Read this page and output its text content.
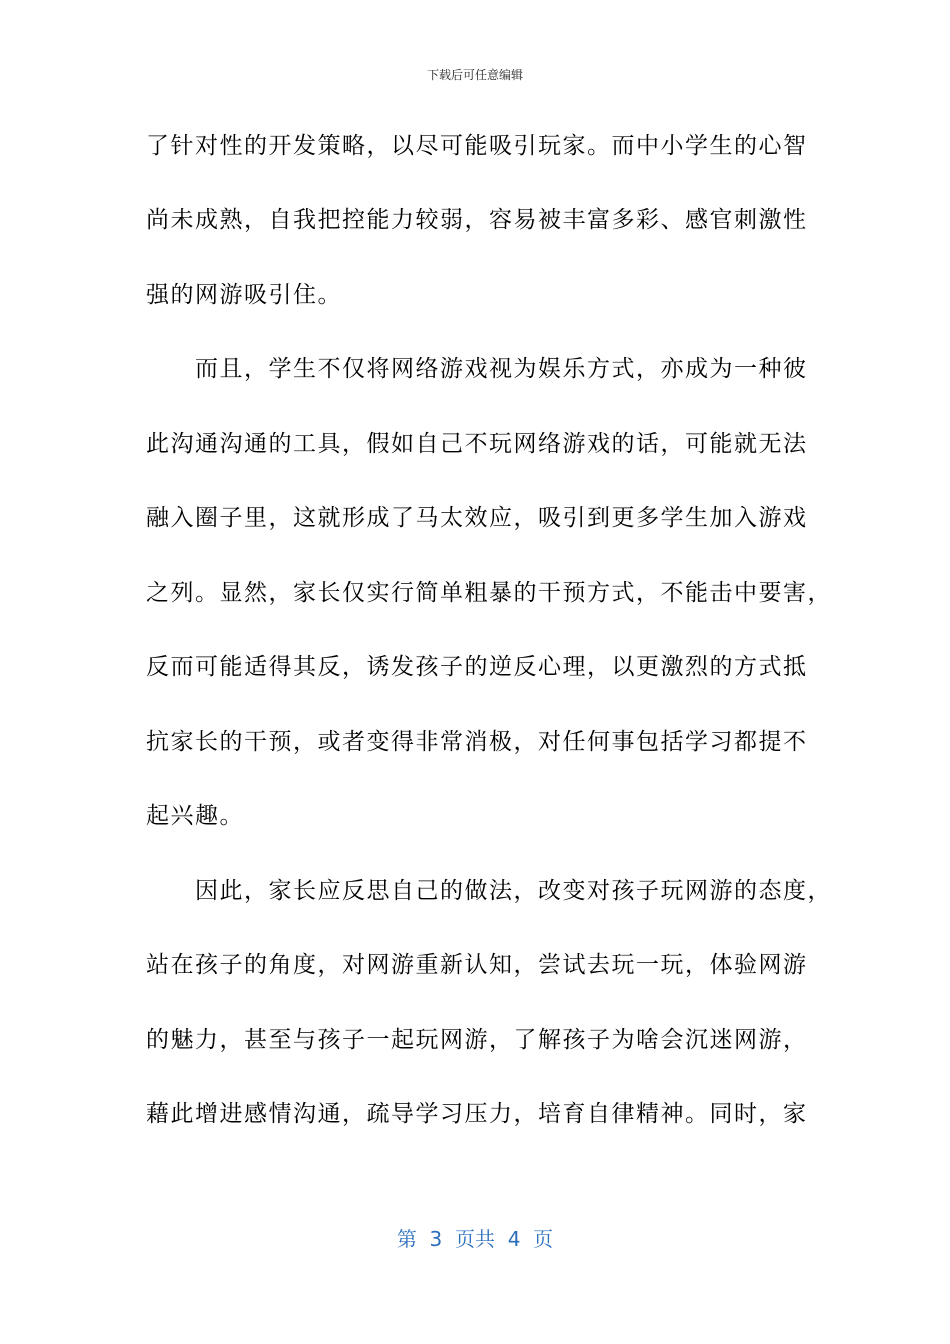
下载后可任意编辑
了针对性的开发策略，以尽可能吸引玩家。而中小学生的心智
尚未成熟，自我把控能力较弱，容易被丰富多彩、感官刺激性
强的网游吸引住。
　　而且，学生不仅将网络游戏视为娱乐方式，亦成为一种彼
此沟通沟通的工具，假如自己不玩网络游戏的话，可能就无法
融入圈子里，这就形成了马太效应，吸引到更多学生加入游戏
之列。显然，家长仅实行简单粗暴的干预方式，不能击中要害，
反而可能适得其反，诱发孩子的逆反心理，以更激烈的方式抵
抗家长的干预，或者变得非常消极，对任何事包括学习都提不
起兴趣。
　　因此，家长应反思自己的做法，改变对孩子玩网游的态度，
站在孩子的角度，对网游重新认知，尝试去玩一玩，体验网游
的魅力，甚至与孩子一起玩网游，了解孩子为啥会沉迷网游，
藉此增进感情沟通，疏导学习压力，培育自律精神。同时，家
第  3  页共  4  页
